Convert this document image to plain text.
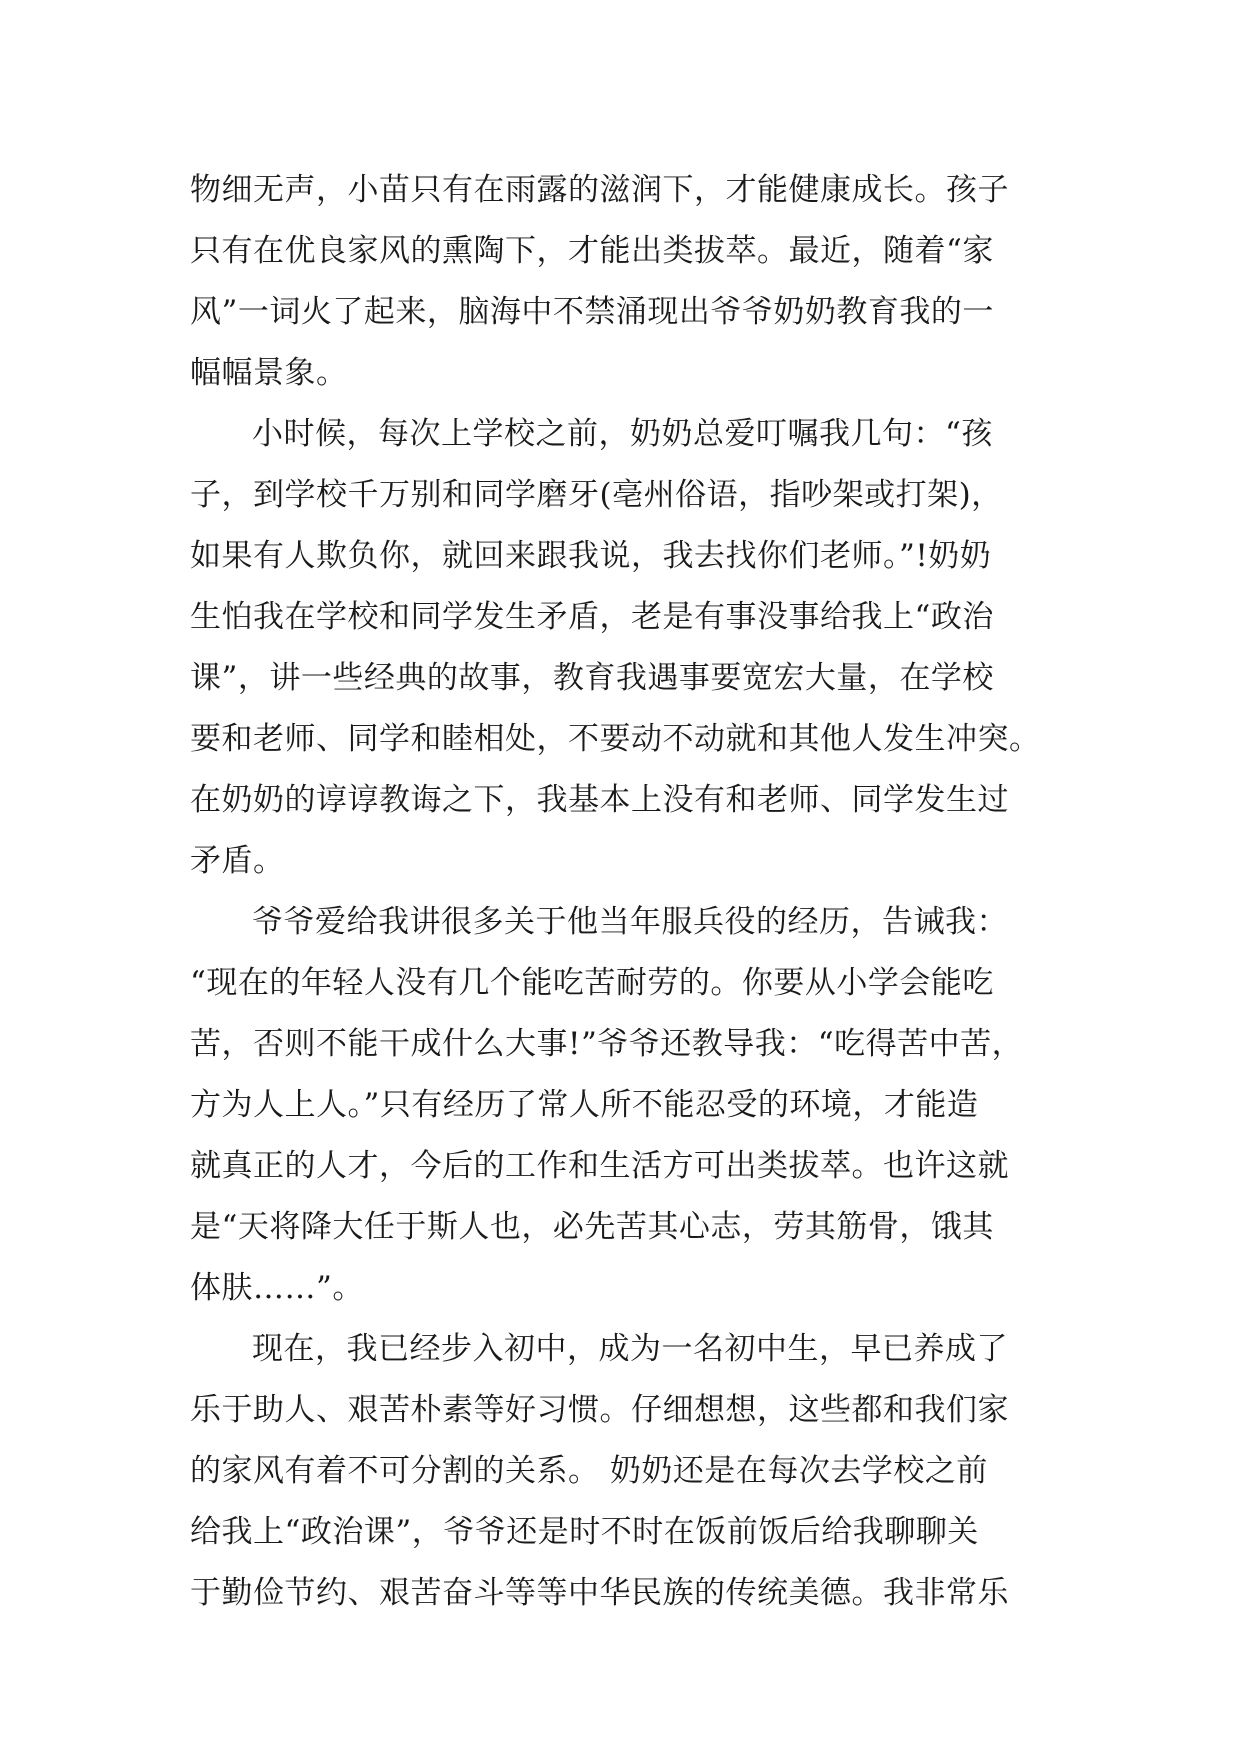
物细无声，小苗只有在雨露的滋润下，才能健康成长。孩子
只有在优良家风的熏陶下，才能出类拔萃。最近，随着“家
风”一词火了起来，脑海中不禁涌现出爷爷奶奶教育我的一
幅幅景象。
小时候，每次上学校之前，奶奶总爱叮嘱我几句：“孩
子，到学校千万别和同学磨牙(亳州俗语，指吵架或打架)，
如果有人欺负你，就回来跟我说，我去找你们老师。”!奶奶
生怕我在学校和同学发生矛盾，老是有事没事给我上“政治
课”，讲一些经典的故事，教育我遇事要宽宏大量，在学校
要和老师、同学和睦相处，不要动不动就和其他人发生冲突。
在奶奶的谆谆教诲之下，我基本上没有和老师、同学发生过
矛盾。
爷爷爱给我讲很多关于他当年服兵役的经历，告诫我：
“现在的年轻人没有几个能吃苦耐劳的。你要从小学会能吃
苦，否则不能干成什么大事!”爷爷还教导我：“吃得苦中苦，
方为人上人。”只有经历了常人所不能忍受的环境，才能造
就真正的人才，今后的工作和生活方可出类拔萃。也许这就
是“天将降大任于斯人也，必先苦其心志，劳其筋骨，饿其
体肤……”。
现在，我已经步入初中，成为一名初中生，早已养成了
乐于助人、艰苦朴素等好习惯。仔细想想，这些都和我们家
的家风有着不可分割的关系。 奶奶还是在每次去学校之前
给我上“政治课”，爷爷还是时不时在饭前饭后给我聊聊关
于勤俭节约、艰苦奋斗等等中华民族的传统美德。我非常乐
